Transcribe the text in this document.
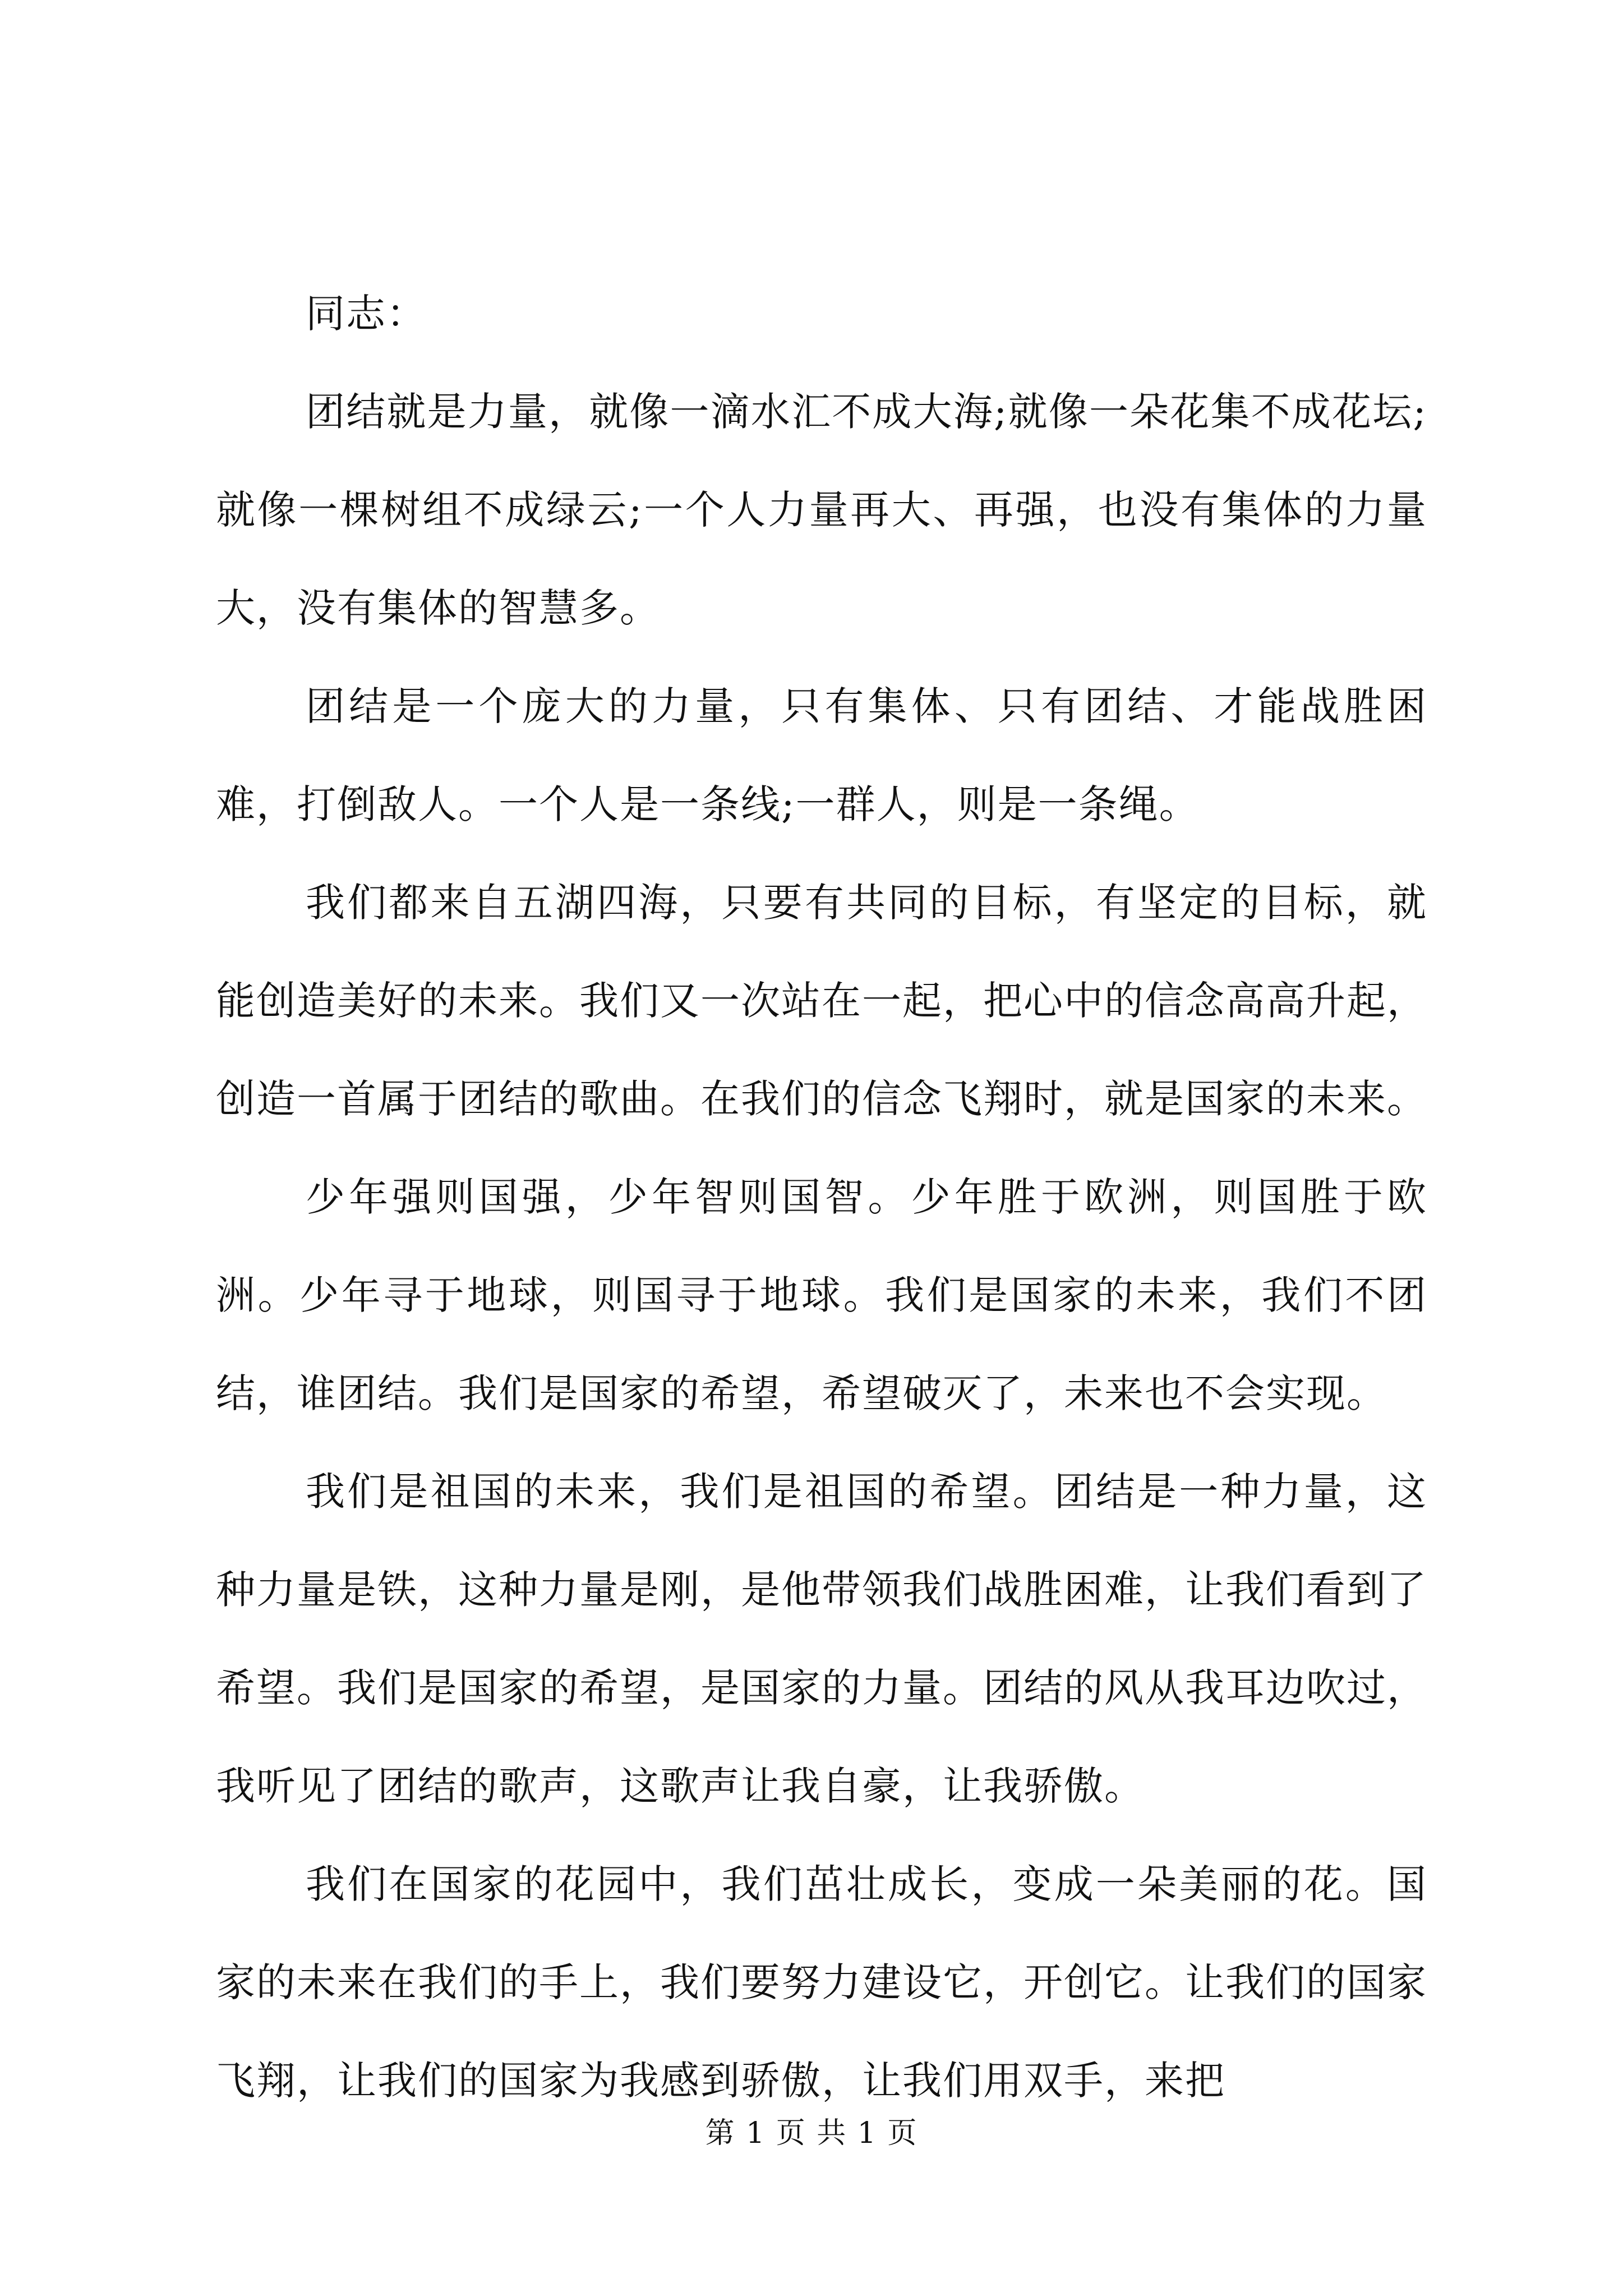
同志：

团结就是力量，就像一滴水汇不成大海;就像一朵花集不成花坛;就像一棵树组不成绿云;一个人力量再大、再强，也没有集体的力量大，没有集体的智慧多。

团结是一个庞大的力量，只有集体、只有团结、才能战胜困难，打倒敌人。一个人是一条线;一群人，则是一条绳。

我们都来自五湖四海，只要有共同的目标，有坚定的目标，就能创造美好的未来。我们又一次站在一起，把心中的信念高高升起，创造一首属于团结的歌曲。在我们的信念飞翔时，就是国家的未来。

少年强则国强，少年智则国智。少年胜于欧洲，则国胜于欧洲。少年寻于地球，则国寻于地球。我们是国家的未来，我们不团结，谁团结。我们是国家的希望，希望破灭了，未来也不会实现。

我们是祖国的未来，我们是祖国的希望。团结是一种力量，这种力量是铁，这种力量是刚，是他带领我们战胜困难，让我们看到了希望。我们是国家的希望，是国家的力量。团结的风从我耳边吹过，我听见了团结的歌声，这歌声让我自豪，让我骄傲。

我们在国家的花园中，我们茁壮成长，变成一朵美丽的花。国家的未来在我们的手上，我们要努力建设它，开创它。让我们的国家飞翔，让我们的国家为我感到骄傲，让我们用双手，来把

第 1 页 共 1 页
